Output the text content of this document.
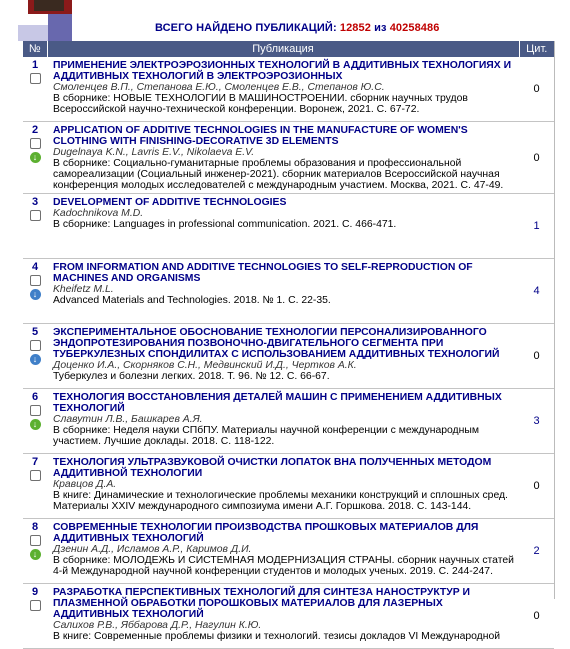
ВСЕГО НАЙДЕНО ПУБЛИКАЦИЙ: 12852 из 40258486
№	Публикация	Цит.

1	ПРИМЕНЕНИЕ ЭЛЕКТРОЭРОЗИОННЫХ ТЕХНОЛОГИЙ В АДДИТИВНЫХ ТЕХНОЛОГИЯХ И АДДИТИВНЫХ ТЕХНОЛОГИЙ В ЭЛЕКТРОЭРОЗИОННЫХ
Смоленцев В.П., Степанова Е.Ю., Смоленцев Е.В., Степанов Ю.С.
В сборнике: НОВЫЕ ТЕХНОЛОГИИ В МАШИНОСТРОЕНИИ. сборник научных трудов Всероссийской научно-технической конференции. Воронеж, 2021. С. 67-72.	0

2
↓	APPLICATION OF ADDITIVE TECHNOLOGIES IN THE MANUFACTURE OF WOMEN'S CLOTHING WITH FINISHING-DECORATIVE 3D ELEMENTS
Dugelnaya K.N., Lavris E.V., Nikolaeva E.V.
В сборнике: Социально-гуманитарные проблемы образования и профессиональной самореализации (Социальный инженер-2021). сборник материалов Всероссийской научная конференция молодых исследователей с международным участием. Москва, 2021. С. 47-49.	0

3	DEVELOPMENT OF ADDITIVE TECHNOLOGIES
Kadochnikova M.D.
В сборнике: Languages in professional communication. 2021. С. 466-471.	1

4
↓	FROM INFORMATION AND ADDITIVE TECHNOLOGIES TO SELF-REPRODUCTION OF MACHINES AND ORGANISMS
Kheifetz M.L.
Advanced Materials and Technologies. 2018. № 1. С. 22-35.	4

5
↓	ЭКСПЕРИМЕНТАЛЬНОЕ ОБОСНОВАНИЕ ТЕХНОЛОГИИ ПЕРСОНАЛИЗИРОВАННОГО ЭНДОПРОТЕЗИРОВАНИЯ ПОЗВОНОЧНО-ДВИГАТЕЛЬНОГО СЕГМЕНТА ПРИ ТУБЕРКУЛЕЗНЫХ СПОНДИЛИТАХ С ИСПОЛЬЗОВАНИЕМ АДДИТИВНЫХ ТЕХНОЛОГИЙ
Доценко И.А., Скорняков С.Н., Медвинский И.Д., Чертков А.К.
Туберкулез и болезни легких. 2018. Т. 96. № 12. С. 66-67.	0

6
↓	ТЕХНОЛОГИЯ ВОССТАНОВЛЕНИЯ ДЕТАЛЕЙ МАШИН С ПРИМЕНЕНИЕМ АДДИТИВНЫХ ТЕХНОЛОГИЙ
Славутин Л.В., Башкарев А.Я.
В сборнике: Неделя науки СПбПУ. Материалы научной конференции с международным участием. Лучшие доклады. 2018. С. 118-122.	3

7	ТЕХНОЛОГИЯ УЛЬТРАЗВУКОВОЙ ОЧИСТКИ ЛОПАТОК ВНА ПОЛУЧЕННЫХ МЕТОДОМ АДДИТИВНОЙ ТЕХНОЛОГИИ
Кравцов Д.А.
В книге: Динамические и технологические проблемы механики конструкций и сплошных сред. Материалы XXIV международного симпозиума имени А.Г. Горшкова. 2018. С. 143-144.	0

8
↓	СОВРЕМЕННЫЕ ТЕХНОЛОГИИ ПРОИЗВОДСТВА ПРОШКОВЫХ МАТЕРИАЛОВ ДЛЯ АДДИТИВНЫХ ТЕХНОЛОГИЙ
Дзенин А.Д., Исламов А.Р., Каримов Д.И.
В сборнике: МОЛОДЕЖЬ И СИСТЕМНАЯ МОДЕРНИЗАЦИЯ СТРАНЫ. сборник научных статей 4-й Международной научной конференции студентов и молодых ученых. 2019. С. 244-247.	2

9	РАЗРАБОТКА ПЕРСПЕКТИВНЫХ ТЕХНОЛОГИЙ ДЛЯ СИНТЕЗА НАНОСТРУКТУР И ПЛАЗМЕННОЙ ОБРАБОТКИ ПОРОШКОВЫХ МАТЕРИАЛОВ ДЛЯ ЛАЗЕРНЫХ АДДИТИВНЫХ ТЕХНОЛОГИЙ
Салихов Р.В., Яббарова Д.Р., Нагулин К.Ю.
В книге: Современные проблемы физики и технологий. тезисы докладов VI Международной	0
